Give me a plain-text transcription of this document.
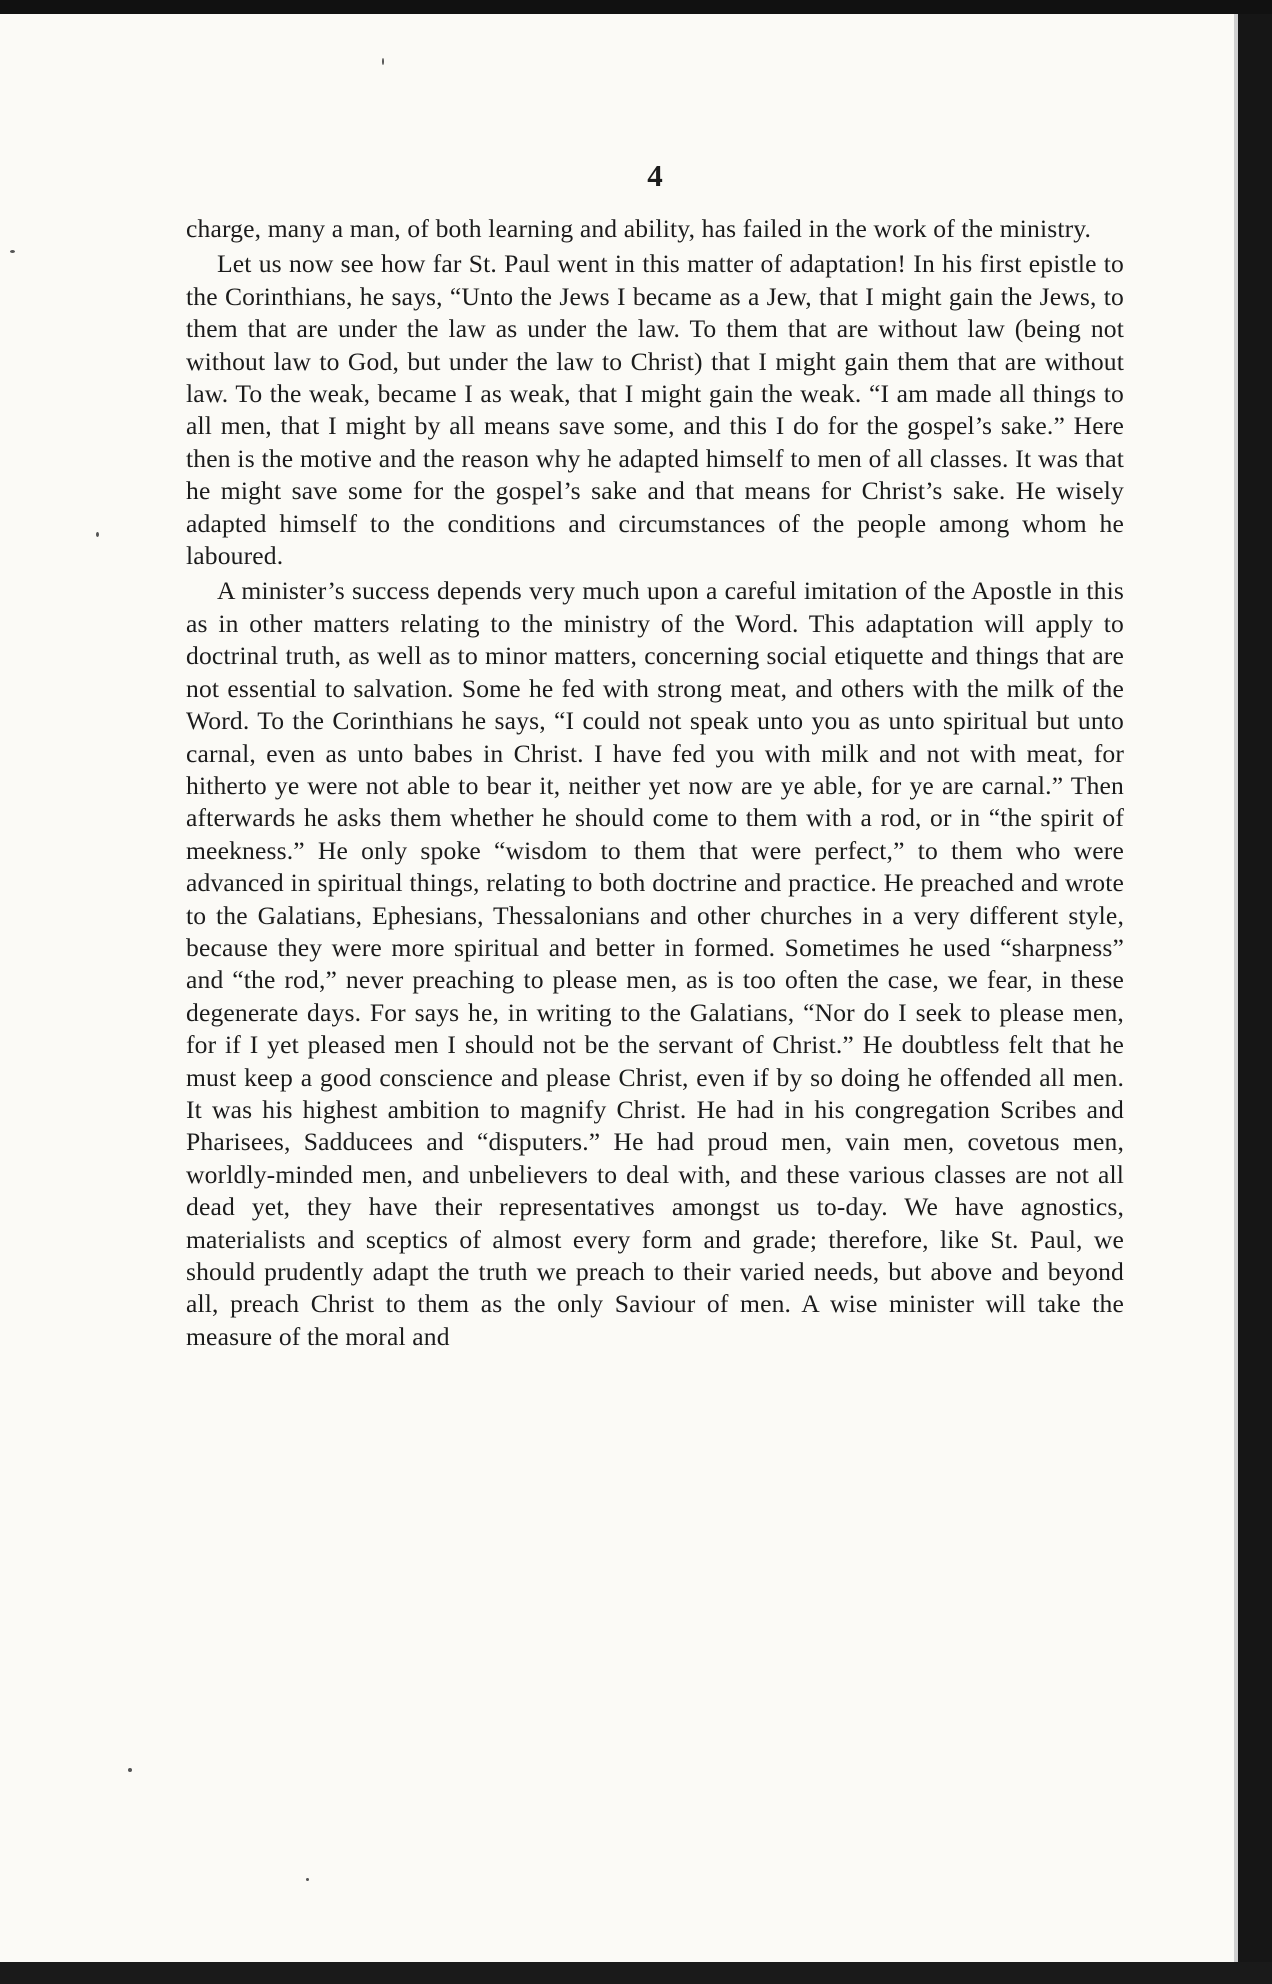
4

charge, many a man, of both learning and ability, has failed in the work of the ministry.

Let us now see how far St. Paul went in this matter of adaptation! In his first epistle to the Corinthians, he says, “Unto the Jews I became as a Jew, that I might gain the Jews, to them that are under the law as under the law. To them that are without law (being not without law to God, but under the law to Christ) that I might gain them that are without law. To the weak, became I as weak, that I might gain the weak. “I am made all things to all men, that I might by all means save some, and this I do for the gospel’s sake.” Here then is the motive and the reason why he adapted himself to men of all classes. It was that he might save some for the gospel’s sake and that means for Christ’s sake. He wisely adapted himself to the conditions and circumstances of the people among whom he laboured.

A minister’s success depends very much upon a careful imitation of the Apostle in this as in other matters relating to the ministry of the Word. This adaptation will apply to doctrinal truth, as well as to minor matters, concerning social etiquette and things that are not essential to salvation. Some he fed with strong meat, and others with the milk of the Word. To the Corinthians he says, “I could not speak unto you as unto spiritual but unto carnal, even as unto babes in Christ. I have fed you with milk and not with meat, for hitherto ye were not able to bear it, neither yet now are ye able, for ye are carnal.” Then afterwards he asks them whether he should come to them with a rod, or in “the spirit of meekness.” He only spoke “wisdom to them that were perfect,” to them who were advanced in spiritual things, relating to both doctrine and practice. He preached and wrote to the Galatians, Ephesians, Thessalonians and other churches in a very different style, because they were more spiritual and better in formed. Sometimes he used “sharpness” and “the rod,” never preaching to please men, as is too often the case, we fear, in these degenerate days. For says he, in writing to the Galatians, “Nor do I seek to please men, for if I yet pleased men I should not be the servant of Christ.” He doubtless felt that he must keep a good conscience and please Christ, even if by so doing he offended all men. It was his highest ambition to magnify Christ. He had in his congregation Scribes and Pharisees, Sadducees and “disputers.” He had proud men, vain men, covetous men, worldly-minded men, and unbelievers to deal with, and these various classes are not all dead yet, they have their representatives amongst us to-day. We have agnostics, materialists and sceptics of almost every form and grade; therefore, like St. Paul, we should prudently adapt the truth we preach to their varied needs, but above and beyond all, preach Christ to them as the only Saviour of men. A wise minister will take the measure of the moral and
